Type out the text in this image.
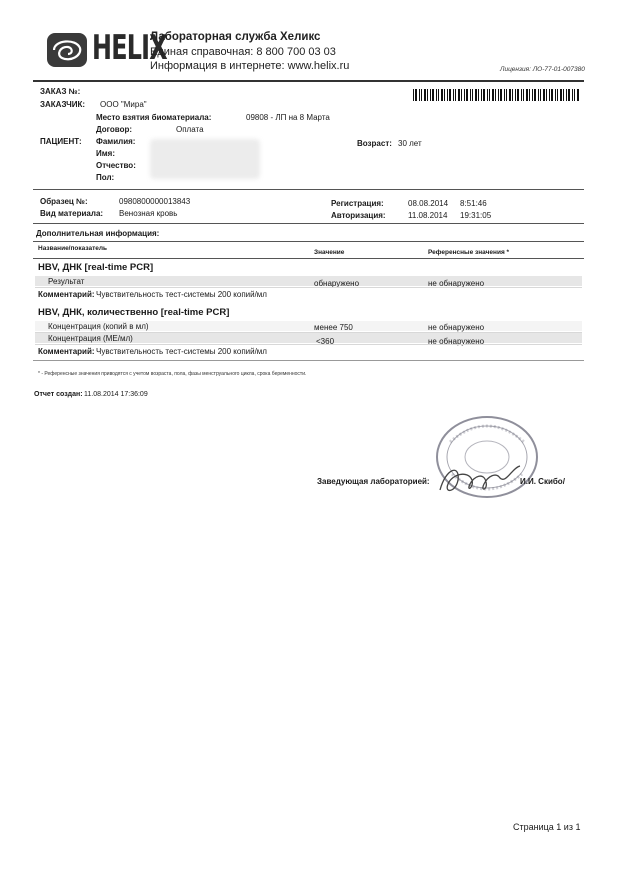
HELIX
Лабораторная служба Хеликс
Единая справочная: 8 800 700 03 03
Информация в интернете: www.helix.ru	Лицензия: ЛО-77-01-007380
ЗАКАЗ №:
ЗАКАЗЧИК: ООО "Мира"
Место взятия биоматериала:	09808 - ЛП на 8 Марта
Договор:	Оплата
ПАЦИЕНТ: Фамилия:
Имя:
Отчество:
Пол:
Возраст: 30 лет
Образец №:	0980800000013843
Вид материала: Венозная кровь
Регистрация:	08.08.2014 8:51:46
Авторизация:	11.08.2014 19:31:05
Дополнительная информация:
Название/показатель
Значение	Референсные значения *
HBV, ДНК [real-time PCR]
Результат	обнаружено	не обнаружено
Комментарий: Чувствительность тест-системы 200 копий/мл
HBV, ДНК, количественно [real-time PCR]
Концентрация (копий в мл)	менее 750	не обнаружено
Концентрация (МЕ/мл)	<360	не обнаружено
Комментарий: Чувствительность тест-системы 200 копий/мл
* - Референсные значения приводятся с учетом возраста, пола, фазы менструального цикла, срока беременности.
Отчет создан: 11.08.2014 17:36:09
Заведующая лабораторией:	И.И. Скибо/
Страница 1 из 1
